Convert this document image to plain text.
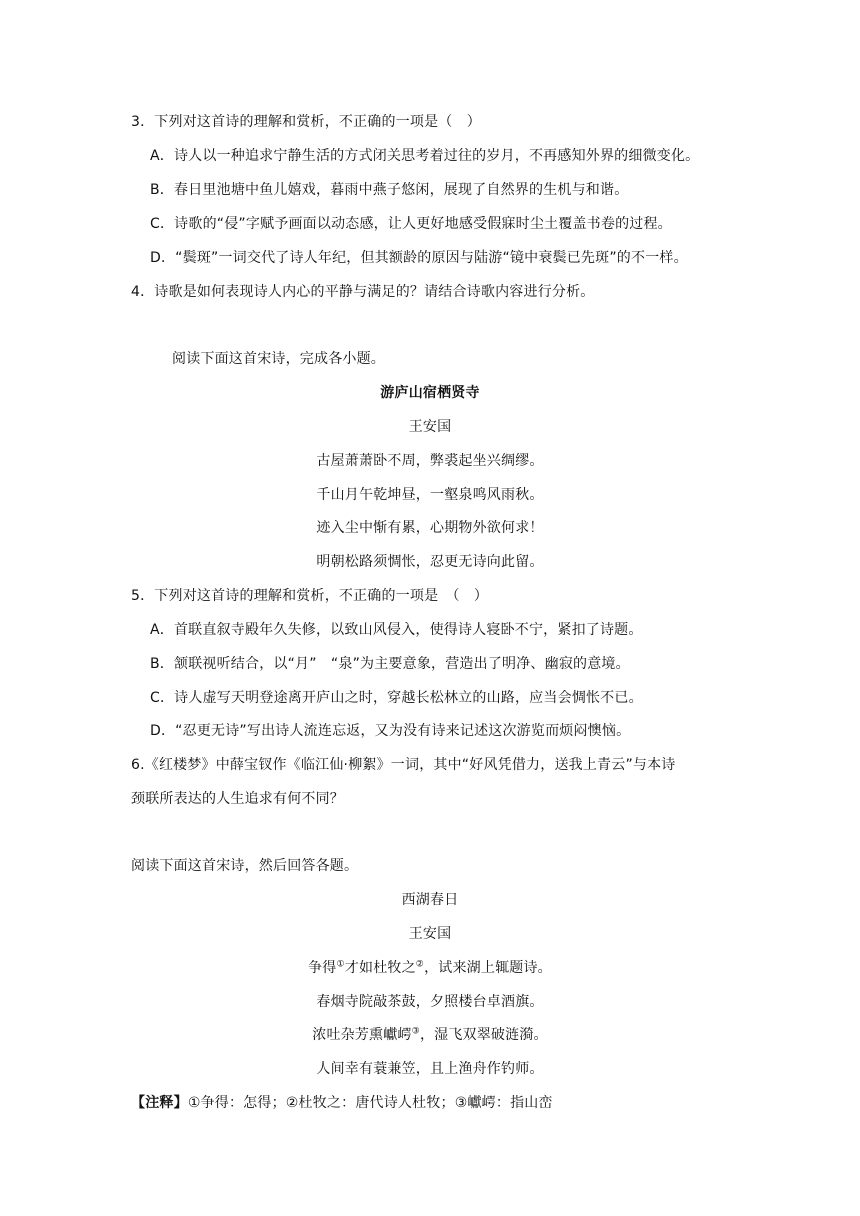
3．下列对这首诗的理解和赏析，不正确的一项是（　）
A．诗人以一种追求宁静生活的方式闭关思考着过往的岁月，不再感知外界的细微变化。
B．春日里池塘中鱼儿嬉戏，暮雨中燕子悠闲，展现了自然界的生机与和谐。
C．诗歌的“侵”字赋予画面以动态感，让人更好地感受假寐时尘土覆盖书卷的过程。
D．“鬓斑”一词交代了诗人年纪，但其额龄的原因与陆游“镜中衰鬓已先斑”的不一样。
4．诗歌是如何表现诗人内心的平静与满足的？请结合诗歌内容进行分析。
阅读下面这首宋诗，完成各小题。
游庐山宿栖贤寺
王安国
古屋萧萧卧不周，弊裘起坐兴绸缪。
千山月午乾坤昼，一壑泉鸣风雨秋。
迹入尘中惭有累，心期物外欲何求！
明朝松路须惆怅，忍更无诗向此留。
5．下列对这首诗的理解和赏析，不正确的一项是　（　）
A．首联直叙寺殿年久失修，以致山风侵入，使得诗人寝卧不宁，紧扣了诗题。
B．颔联视听结合，以“月”　“泉”为主要意象，营造出了明净、幽寂的意境。
C．诗人虚写天明登途离开庐山之时，穿越长松林立的山路，应当会惆怅不已。
D．“忍更无诗”写出诗人流连忘返，又为没有诗来记述这次游览而烦闷懊恼。
6.《红楼梦》中薛宝钗作《临江仙·柳絮》一词，其中“好风凭借力，送我上青云”与本诗
颈联所表达的人生追求有何不同？
阅读下面这首宋诗，然后回答各题。
西湖春日
王安国
争得①才如杜牧之②，试来湖上辄题诗。
春烟寺院敲茶鼓，夕照楼台卓酒旗。
浓吐杂芳熏巘崿③，湿飞双翠破涟漪。
人间幸有蓑兼笠，且上渔舟作钓师。
【注释】①争得：怎得；②杜牧之：唐代诗人杜牧；③巘崿：指山峦
